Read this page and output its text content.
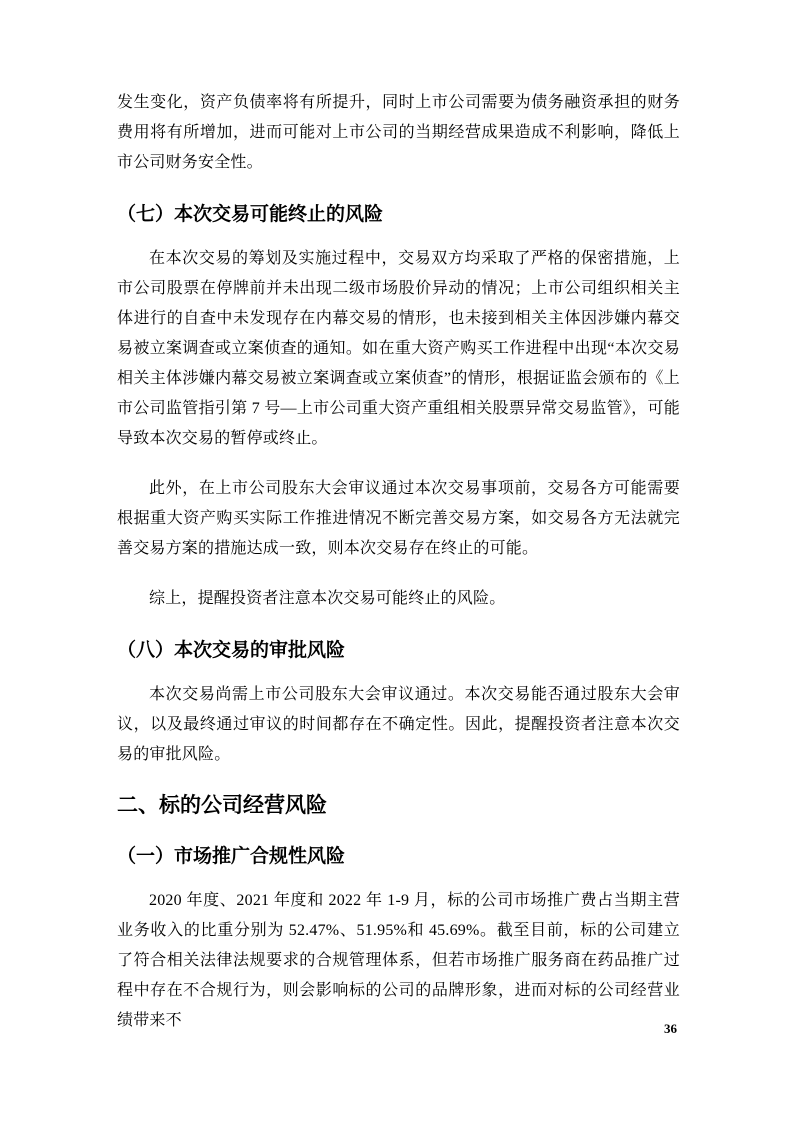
发生变化，资产负债率将有所提升，同时上市公司需要为债务融资承担的财务费用将有所增加，进而可能对上市公司的当期经营成果造成不利影响，降低上市公司财务安全性。

（七）本次交易可能终止的风险

在本次交易的筹划及实施过程中，交易双方均采取了严格的保密措施，上市公司股票在停牌前并未出现二级市场股价异动的情况；上市公司组织相关主体进行的自查中未发现存在内幕交易的情形，也未接到相关主体因涉嫌内幕交易被立案调查或立案侦查的通知。如在重大资产购买工作进程中出现“本次交易相关主体涉嫌内幕交易被立案调查或立案侦查”的情形，根据证监会颁布的《上市公司监管指引第 7 号—上市公司重大资产重组相关股票异常交易监管》，可能导致本次交易的暂停或终止。

此外，在上市公司股东大会审议通过本次交易事项前，交易各方可能需要根据重大资产购买实际工作推进情况不断完善交易方案，如交易各方无法就完善交易方案的措施达成一致，则本次交易存在终止的可能。

综上，提醒投资者注意本次交易可能终止的风险。

（八）本次交易的审批风险

本次交易尚需上市公司股东大会审议通过。本次交易能否通过股东大会审议，以及最终通过审议的时间都存在不确定性。因此，提醒投资者注意本次交易的审批风险。

二、标的公司经营风险
（一）市场推广合规性风险

2020 年度、2021 年度和 2022 年 1-9 月，标的公司市场推广费占当期主营业务收入的比重分别为 52.47%、51.95%和 45.69%。截至目前，标的公司建立了符合相关法律法规要求的合规管理体系，但若市场推广服务商在药品推广过程中存在不合规行为，则会影响标的公司的品牌形象，进而对标的公司经营业绩带来不	36
